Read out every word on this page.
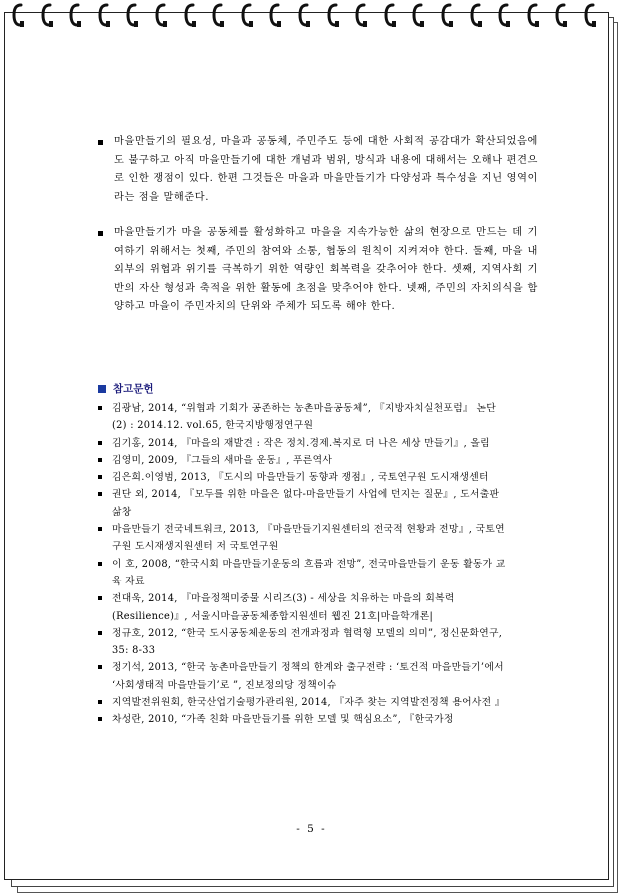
마을만들기의 필요성, 마을과 공동체, 주민주도 등에 대한 사회적 공감대가 확산되었음에도 불구하고 아직 마을만들기에 대한 개념과 범위, 방식과 내용에 대해서는 오해나 편견으로 인한 쟁점이 있다. 한편 그것들은 마을과 마을만들기가 다양성과 특수성을 지닌 영역이라는 점을 말해준다.
마을만들기가 마을 공동체를 활성화하고 마을을 지속가능한 삶의 현장으로 만드는 데 기여하기 위해서는 첫째, 주민의 참여와 소통, 협동의 원칙이 지켜져야 한다. 둘째, 마을 내외부의 위협과 위기를 극복하기 위한 역량인 회복력을 갖추어야 한다. 셋째, 지역사회 기반의 자산 형성과 축적을 위한 활동에 초점을 맞추어야 한다. 넷째, 주민의 자치의식을 함양하고 마을이 주민자치의 단위와 주체가 되도록 해야 한다.
참고문헌
김광남, 2014, “위협과 기회가 공존하는 농촌마을공동체”, 『지방자치실천포럼』 논단(2) : 2014.12. vol.65, 한국지방행정연구원
김기홍, 2014, 『마을의 재발견 : 작은 정치.경제.복지로 더 나은 세상 만들기』, 올림
김영미, 2009, 『그들의 새마을 운동』, 푸른역사
김은희.이영범, 2013, 『도시의 마을만들기 동향과 쟁점』, 국토연구원 도시재생센터
권단 외, 2014, 『모두를 위한 마을은 없다-마을만들기 사업에 던지는 질문』, 도서출판 삶창
마을만들기 전국네트워크, 2013, 『마을만들기지원센터의 전국적 현황과 전망』, 국토연구원 도시재생지원센터 저 국토연구원
이 호, 2008, “한국시회 마을만들기운동의 흐름과 전망”, 전국마을만들기 운동 활동가 교육 자료
전대욱, 2014, 『마을정책미중물 시리즈(3) - 세상을 치유하는 마을의 회복력(Resilience)』, 서울시마을공동체종합지원센터 웹진 21호|마을학개론|
정규호, 2012, “한국 도시공동체운동의 전개과정과 협력형 모델의 의미”, 정신문화연구, 35: 8-33
정기석, 2013, “한국 농촌마을만들기 정책의 한계와 출구전략 : ‘토건적 마을만들기’에서 ‘사회생태적 마을만들기’로 ”, 진보정의당 정책이슈
지역발전위원회, 한국산업기술평가관리원, 2014, 『자주 찾는 지역발전정책 용어사전 』
차성란, 2010, “가족 친화 마을만들기를 위한 모델 및 핵심요소”, 『한국가정
- 5 -
